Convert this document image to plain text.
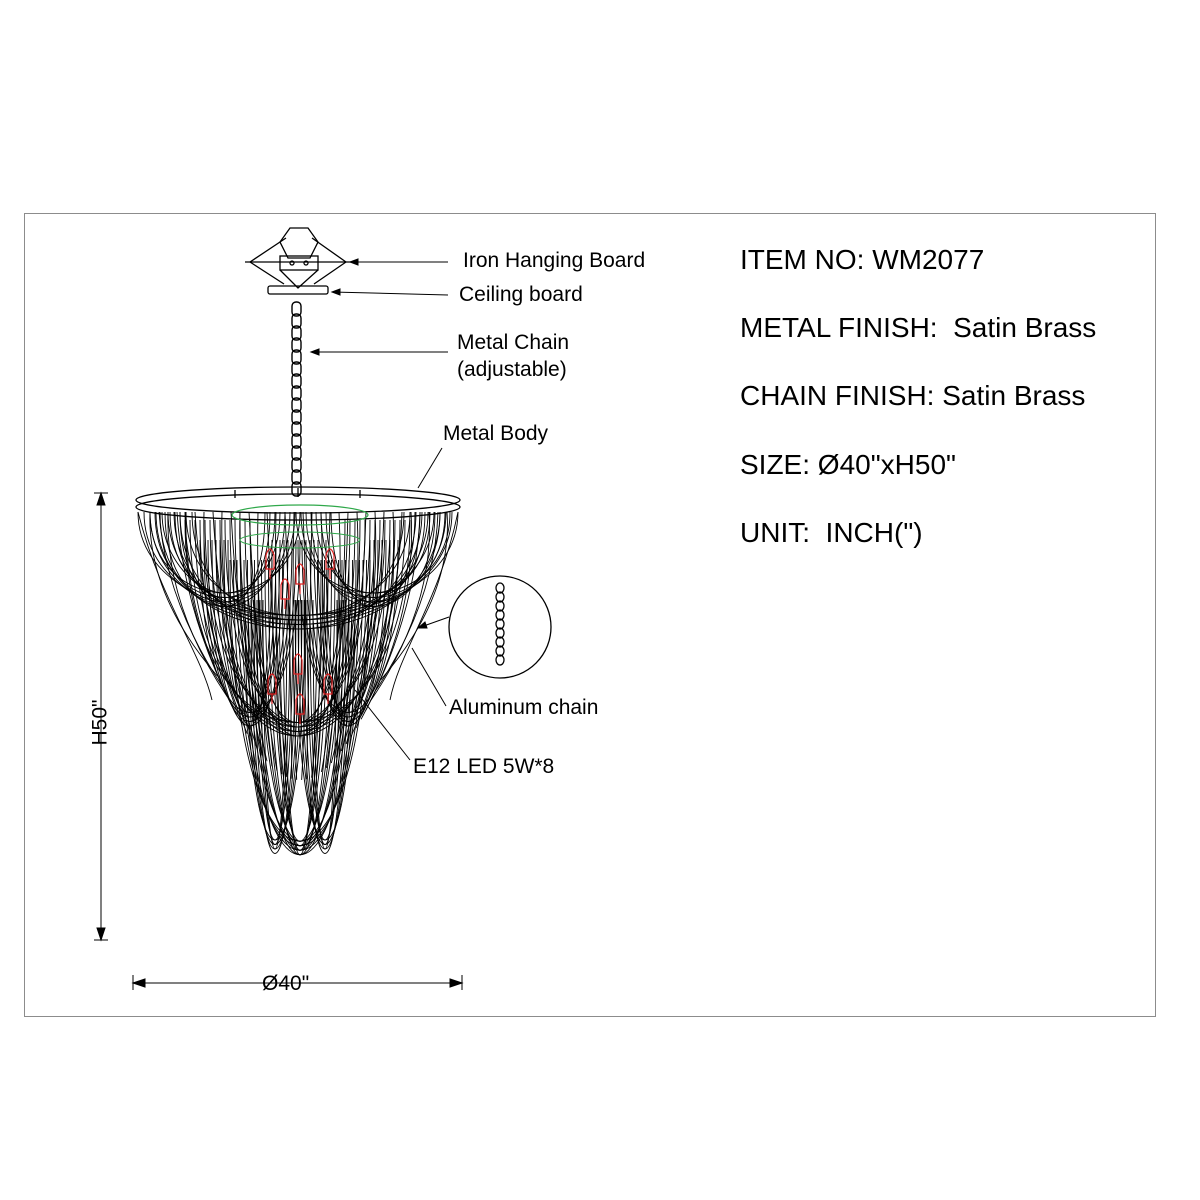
ITEM NO: WM2077
METAL FINISH:  Satin Brass
CHAIN FINISH: Satin Brass
SIZE: Ø40"xH50"
UNIT:  INCH(")
Iron Hanging Board
Ceiling board
Metal Chain
(adjustable)
Metal Body
Aluminum chain
E12 LED 5W*8
Ø40"
H50"
